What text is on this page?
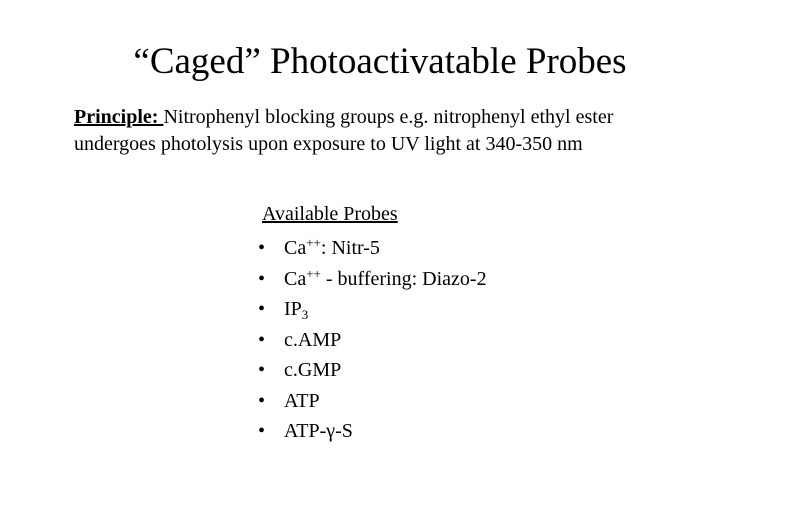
“Caged” Photoactivatable Probes
Principle: Nitrophenyl blocking groups e.g. nitrophenyl ethyl ester
undergoes photolysis upon exposure to UV light at 340-350 nm
Available Probes
• Ca++: Nitr-5
• Ca++ - buffering: Diazo-2
• $IP_3$
• c.AMP
• c.GMP
• ATP
• ATP-γ-S
